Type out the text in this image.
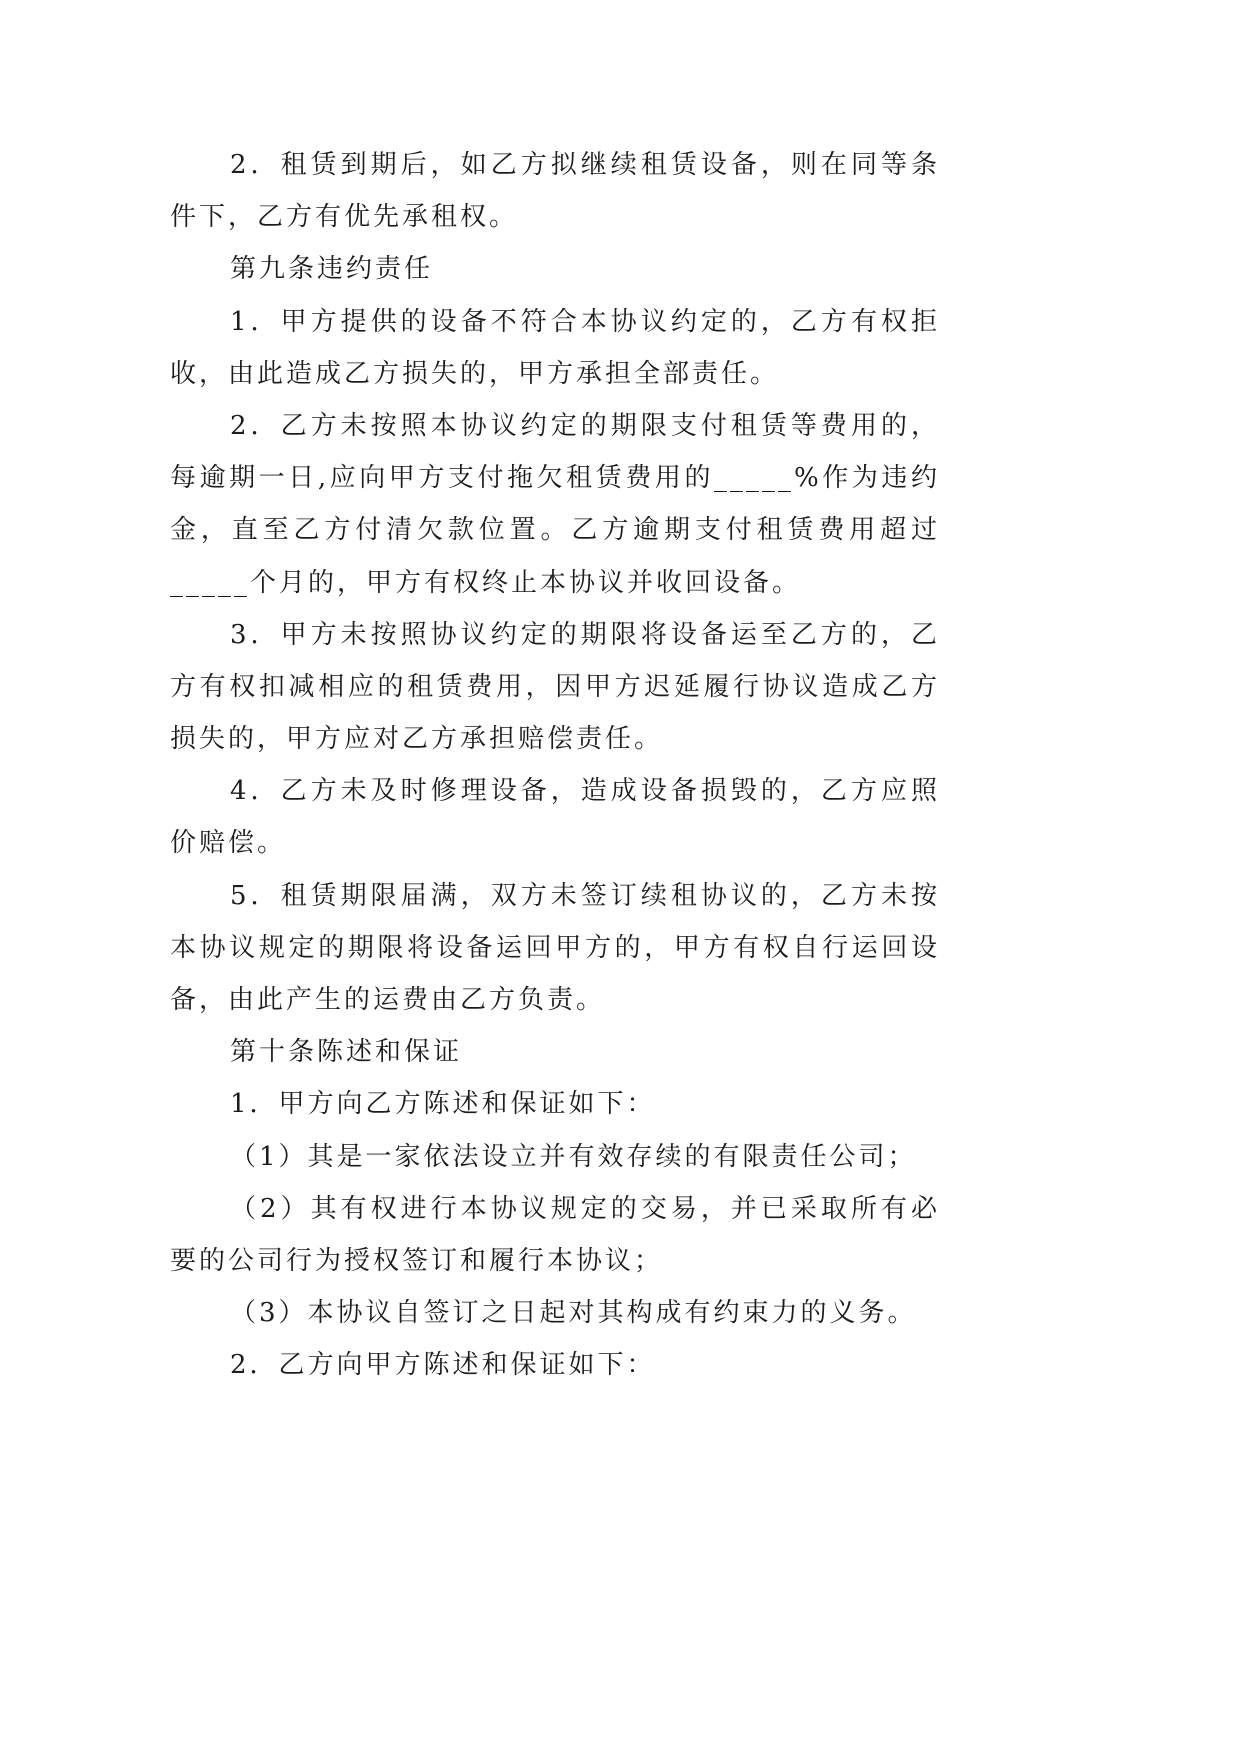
2．租赁到期后，如乙方拟继续租赁设备，则在同等条
件下，乙方有优先承租权。
第九条违约责任
1．甲方提供的设备不符合本协议约定的，乙方有权拒
收，由此造成乙方损失的，甲方承担全部责任。
2．乙方未按照本协议约定的期限支付租赁等费用的，
每逾期一日,应向甲方支付拖欠租赁费用的_____%作为违约
金，直至乙方付清欠款位置。乙方逾期支付租赁费用超过
_____个月的，甲方有权终止本协议并收回设备。
3．甲方未按照协议约定的期限将设备运至乙方的，乙
方有权扣减相应的租赁费用，因甲方迟延履行协议造成乙方
损失的，甲方应对乙方承担赔偿责任。
4．乙方未及时修理设备，造成设备损毁的，乙方应照
价赔偿。
5．租赁期限届满，双方未签订续租协议的，乙方未按
本协议规定的期限将设备运回甲方的，甲方有权自行运回设
备，由此产生的运费由乙方负责。
第十条陈述和保证
1．甲方向乙方陈述和保证如下：
（1）其是一家依法设立并有效存续的有限责任公司；
（2）其有权进行本协议规定的交易，并已采取所有必
要的公司行为授权签订和履行本协议；
（3）本协议自签订之日起对其构成有约束力的义务。
2．乙方向甲方陈述和保证如下：
